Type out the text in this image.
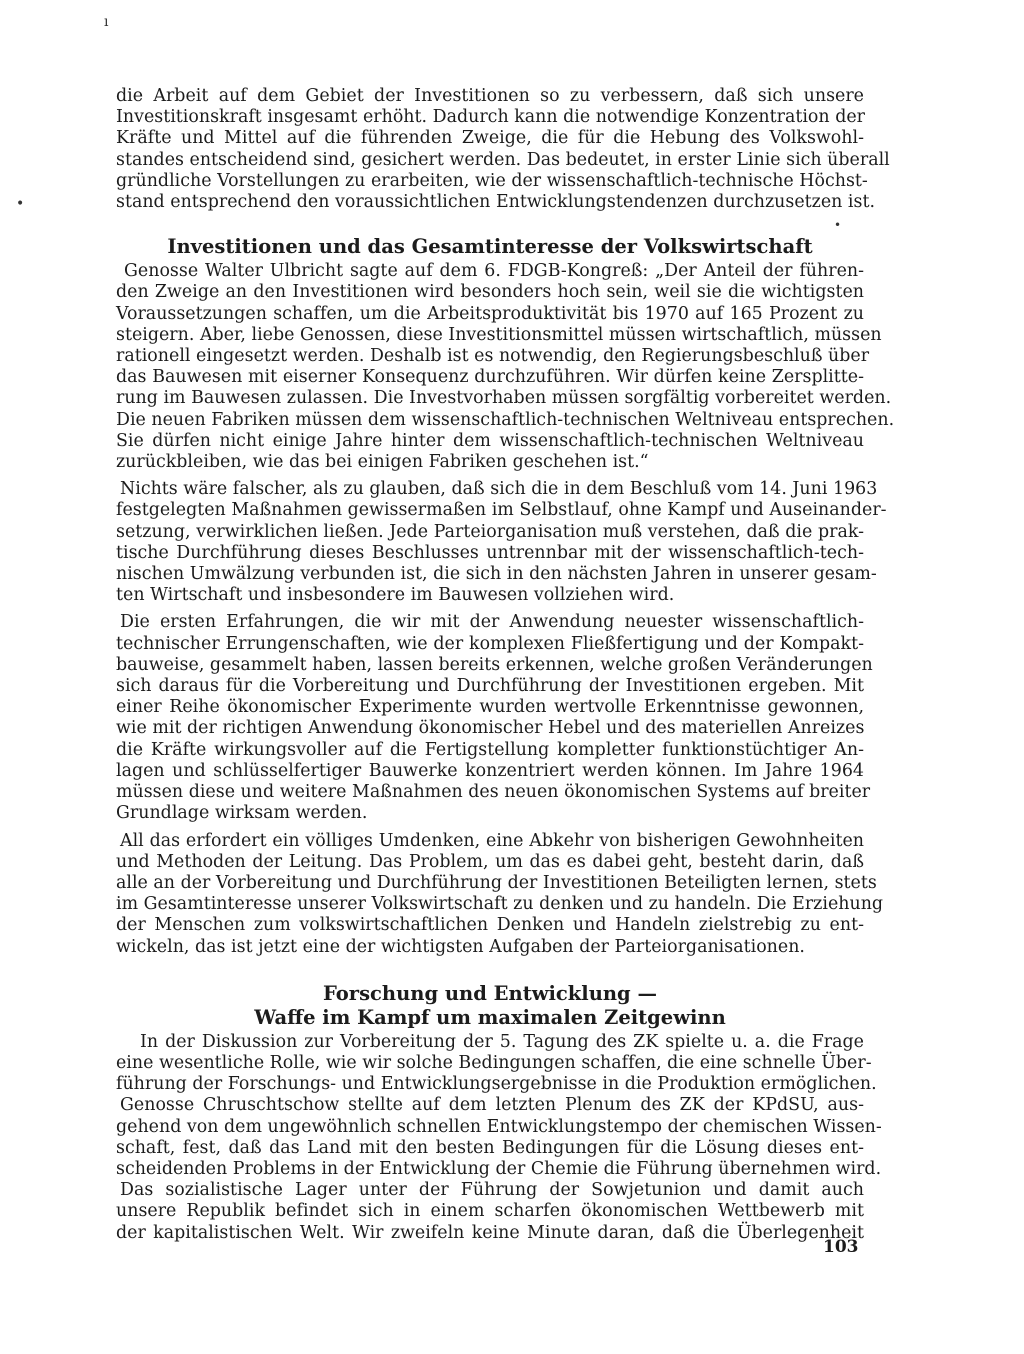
ı
•
•
die Arbeit auf dem Gebiet der Investitionen so zu verbessern, daß sich unsere
Investitionskraft insgesamt erhöht. Dadurch kann die notwendige Konzentration der
Kräfte und Mittel auf die führenden Zweige, die für die Hebung des Volkswohl-
standes entscheidend sind, gesichert werden. Das bedeutet, in erster Linie sich überall
gründliche Vorstellungen zu erarbeiten, wie der wissenschaftlich-technische Höchst-
stand entsprechend den voraussichtlichen Entwicklungstendenzen durchzusetzen ist.
Investitionen und das Gesamtinteresse der Volkswirtschaft
Genosse Walter Ulbricht sagte auf dem 6. FDGB-Kongreß: „Der Anteil der führen-
den Zweige an den Investitionen wird besonders hoch sein, weil sie die wichtigsten
Voraussetzungen schaffen, um die Arbeitsproduktivität bis 1970 auf 165 Prozent zu
steigern. Aber, liebe Genossen, diese Investitionsmittel müssen wirtschaftlich, müssen
rationell eingesetzt werden. Deshalb ist es notwendig, den Regierungsbeschluß über
das Bauwesen mit eiserner Konsequenz durchzuführen. Wir dürfen keine Zersplitte-
rung im Bauwesen zulassen. Die Investvorhaben müssen sorgfältig vorbereitet werden.
Die neuen Fabriken müssen dem wissenschaftlich-technischen Weltniveau entsprechen.
Sie dürfen nicht einige Jahre hinter dem wissenschaftlich-technischen Weltniveau
zurückbleiben, wie das bei einigen Fabriken geschehen ist.“
Nichts wäre falscher, als zu glauben, daß sich die in dem Beschluß vom 14. Juni 1963
festgelegten Maßnahmen gewissermaßen im Selbstlauf, ohne Kampf und Auseinander-
setzung, verwirklichen ließen. Jede Parteiorganisation muß verstehen, daß die prak-
tische Durchführung dieses Beschlusses untrennbar mit der wissenschaftlich-tech-
nischen Umwälzung verbunden ist, die sich in den nächsten Jahren in unserer gesam-
ten Wirtschaft und insbesondere im Bauwesen vollziehen wird.
Die ersten Erfahrungen, die wir mit der Anwendung neuester wissenschaftlich-
technischer Errungenschaften, wie der komplexen Fließfertigung und der Kompakt-
bauweise, gesammelt haben, lassen bereits erkennen, welche großen Veränderungen
sich daraus für die Vorbereitung und Durchführung der Investitionen ergeben. Mit
einer Reihe ökonomischer Experimente wurden wertvolle Erkenntnisse gewonnen,
wie mit der richtigen Anwendung ökonomischer Hebel und des materiellen Anreizes
die Kräfte wirkungsvoller auf die Fertigstellung kompletter funktionstüchtiger An-
lagen und schlüsselfertiger Bauwerke konzentriert werden können. Im Jahre 1964
müssen diese und weitere Maßnahmen des neuen ökonomischen Systems auf breiter
Grundlage wirksam werden.
All das erfordert ein völliges Umdenken, eine Abkehr von bisherigen Gewohnheiten
und Methoden der Leitung. Das Problem, um das es dabei geht, besteht darin, daß
alle an der Vorbereitung und Durchführung der Investitionen Beteiligten lernen, stets
im Gesamtinteresse unserer Volkswirtschaft zu denken und zu handeln. Die Erziehung
der Menschen zum volkswirtschaftlichen Denken und Handeln zielstrebig zu ent-
wickeln, das ist jetzt eine der wichtigsten Aufgaben der Parteiorganisationen.
Forschung und Entwicklung —
Waffe im Kampf um maximalen Zeitgewinn
In der Diskussion zur Vorbereitung der 5. Tagung des ZK spielte u. a. die Frage
eine wesentliche Rolle, wie wir solche Bedingungen schaffen, die eine schnelle Über-
führung der Forschungs- und Entwicklungsergebnisse in die Produktion ermöglichen.
Genosse Chruschtschow stellte auf dem letzten Plenum des ZK der KPdSU, aus-
gehend von dem ungewöhnlich schnellen Entwicklungstempo der chemischen Wissen-
schaft, fest, daß das Land mit den besten Bedingungen für die Lösung dieses ent-
scheidenden Problems in der Entwicklung der Chemie die Führung übernehmen wird.
Das sozialistische Lager unter der Führung der Sowjetunion und damit auch
unsere Republik befindet sich in einem scharfen ökonomischen Wettbewerb mit
der kapitalistischen Welt. Wir zweifeln keine Minute daran, daß die Überlegenheit
103
